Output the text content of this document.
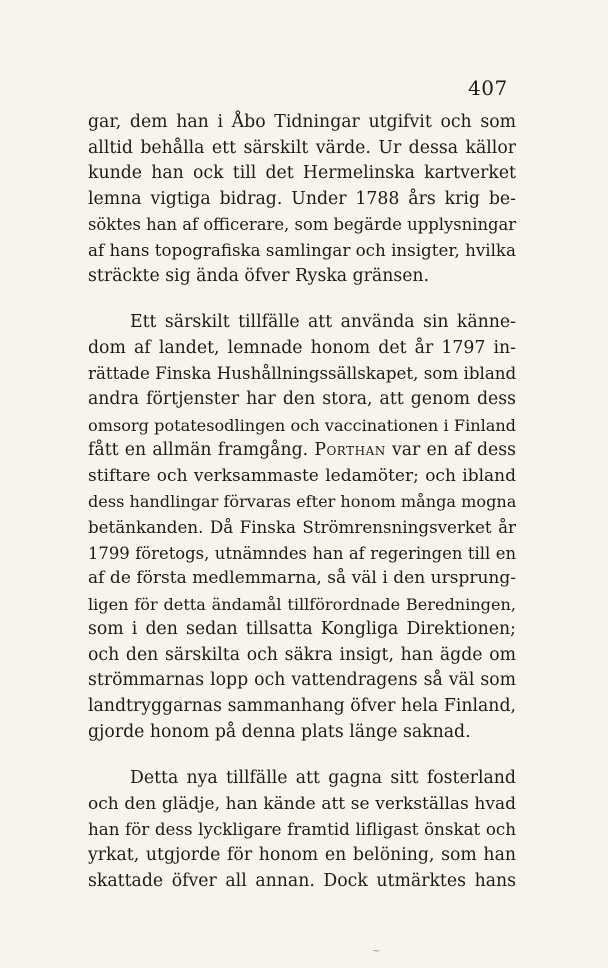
407
gar, dem han i Åbo Tidningar utgifvit och som
alltid behålla ett särskilt värde. Ur dessa källor
kunde han ock till det Hermelinska kartverket
lemna vigtiga bidrag. Under 1788 års krig be-
söktes han af officerare, som begärde upplysningar
af hans topografiska samlingar och insigter, hvilka
sträckte sig ända öfver Ryska gränsen.
Ett särskilt tillfälle att använda sin känne-
dom af landet, lemnade honom det år 1797 in-
rättade Finska Hushållningssällskapet, som ibland
andra förtjenster har den stora, att genom dess
omsorg potatesodlingen och vaccinationen i Finland
fått en allmän framgång. Porthan var en af dess
stiftare och verksammaste ledamöter; och ibland
dess handlingar förvaras efter honom många mogna
betänkanden. Då Finska Strömrensningsverket år
1799 företogs, utnämndes han af regeringen till en
af de första medlemmarna, så väl i den ursprung-
ligen för detta ändamål tillförordnade Beredningen,
som i den sedan tillsatta Kongliga Direktionen;
och den särskilta och säkra insigt, han ägde om
strömmarnas lopp och vattendragens så väl som
landtryggarnas sammanhang öfver hela Finland,
gjorde honom på denna plats länge saknad.
Detta nya tillfälle att gagna sitt fosterland
och den glädje, han kände att se verkställas hvad
han för dess lyckligare framtid lifligast önskat och
yrkat, utgjorde för honom en belöning, som han
skattade öfver all annan. Dock utmärktes hans
~
